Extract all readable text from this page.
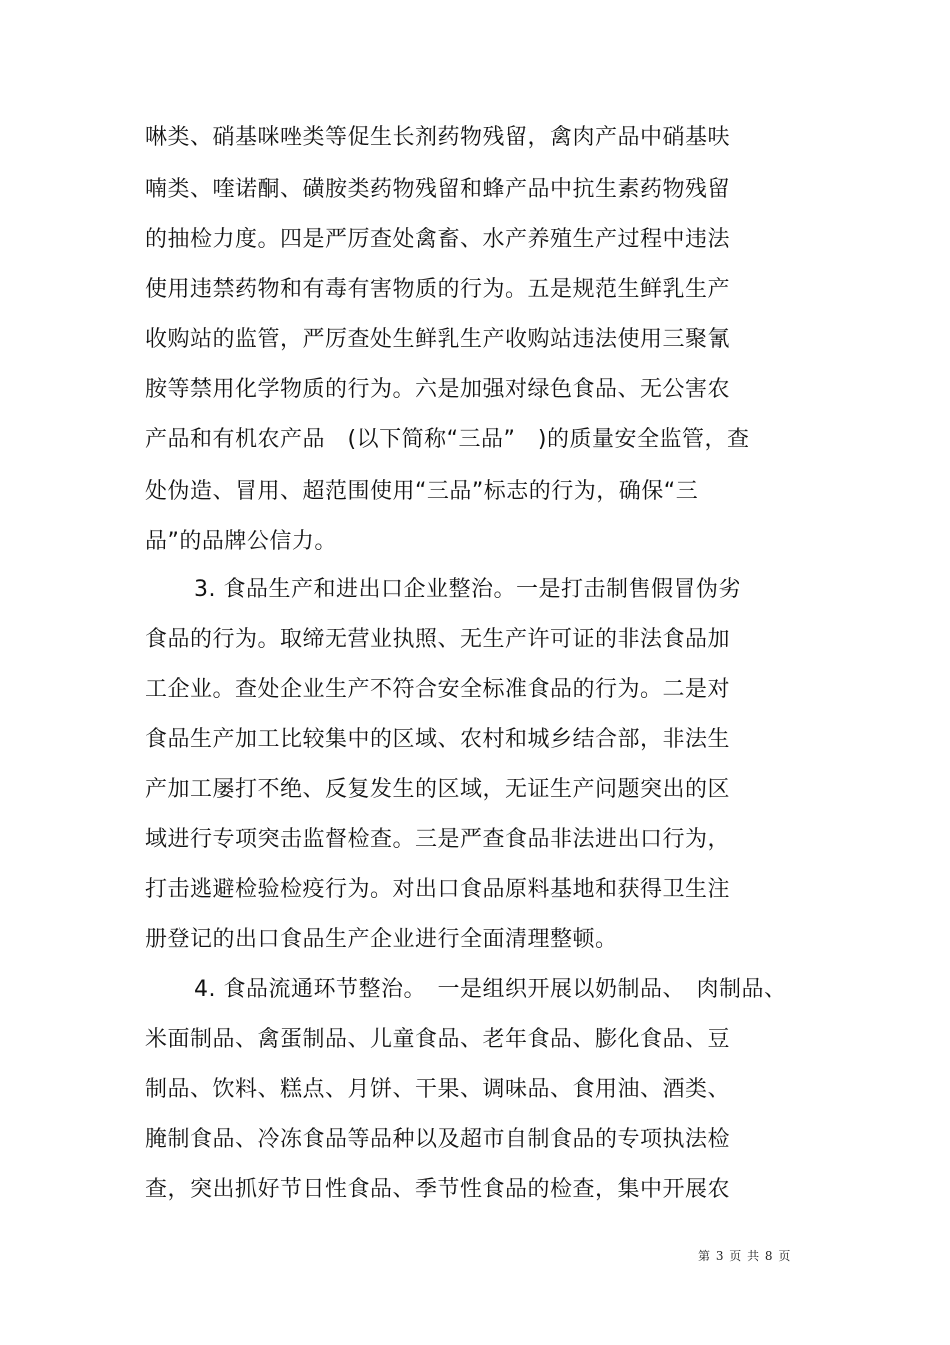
啉类、硝基咪唑类等促生长剂药物残留，禽肉产品中硝基呋
喃类、喹诺酮、磺胺类药物残留和蜂产品中抗生素药物残留
的抽检力度。四是严厉查处禽畜、水产养殖生产过程中违法
使用违禁药物和有毒有害物质的行为。五是规范生鲜乳生产
收购站的监管，严厉查处生鲜乳生产收购站违法使用三聚氰
胺等禁用化学物质的行为。六是加强对绿色食品、无公害农
产品和有机农产品　(以下简称“三品”　)的质量安全监管，查
处伪造、冒用、超范围使用“三品”标志的行为，确保“三
品”的品牌公信力。
3. 食品生产和进出口企业整治。一是打击制售假冒伪劣
食品的行为。取缔无营业执照、无生产许可证的非法食品加
工企业。查处企业生产不符合安全标准食品的行为。二是对
食品生产加工比较集中的区域、农村和城乡结合部，非法生
产加工屡打不绝、反复发生的区域，无证生产问题突出的区
域进行专项突击监督检查。三是严查食品非法进出口行为，
打击逃避检验检疫行为。对出口食品原料基地和获得卫生注
册登记的出口食品生产企业进行全面清理整顿。
4. 食品流通环节整治。　一是组织开展以奶制品、　肉制品、
米面制品、禽蛋制品、儿童食品、老年食品、膨化食品、豆
制品、饮料、糕点、月饼、干果、调味品、食用油、酒类、
腌制食品、冷冻食品等品种以及超市自制食品的专项执法检
查，突出抓好节日性食品、季节性食品的检查，集中开展农
第 3 页 共 8 页
